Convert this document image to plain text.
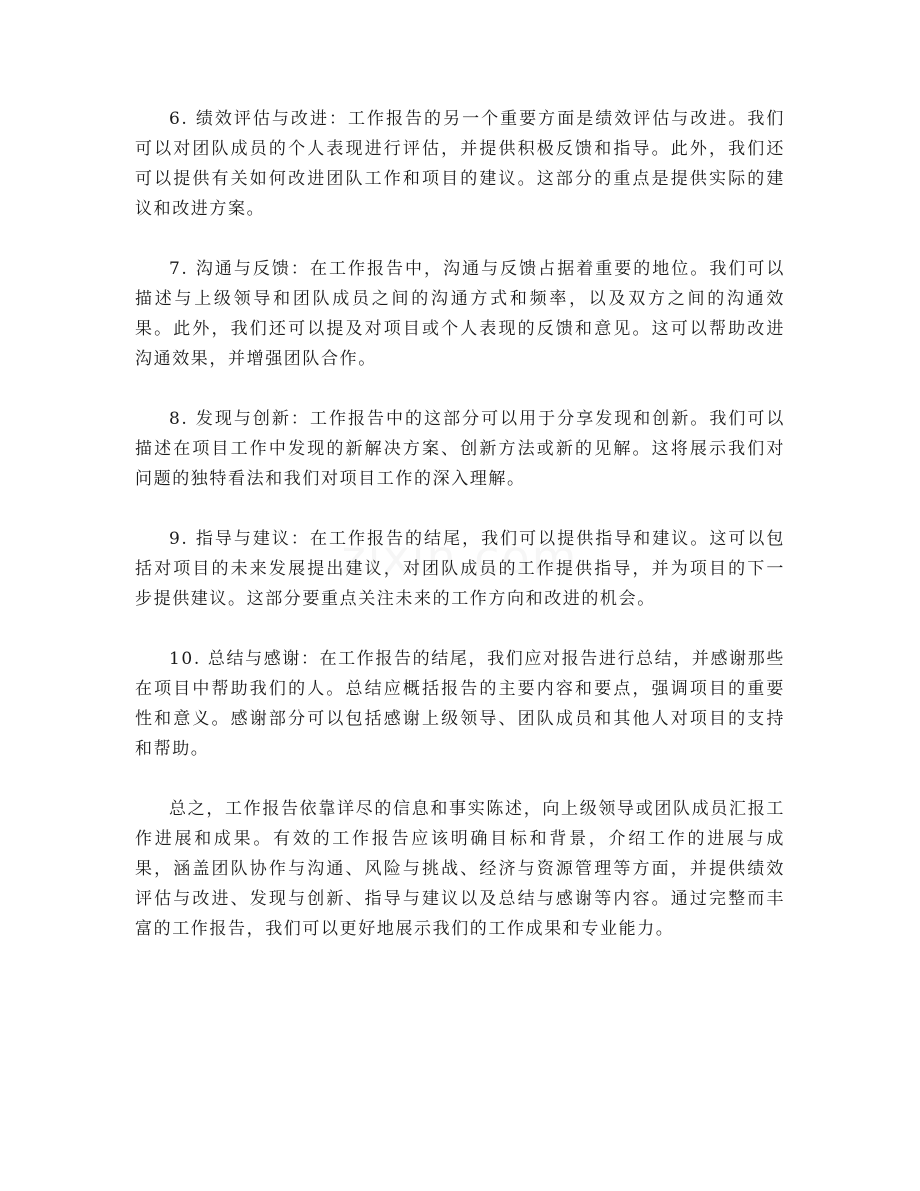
6. 绩效评估与改进：工作报告的另一个重要方面是绩效评估与改进。我们可以对团队成员的个人表现进行评估，并提供积极反馈和指导。此外，我们还可以提供有关如何改进团队工作和项目的建议。这部分的重点是提供实际的建议和改进方案。

7. 沟通与反馈：在工作报告中，沟通与反馈占据着重要的地位。我们可以描述与上级领导和团队成员之间的沟通方式和频率，以及双方之间的沟通效果。此外，我们还可以提及对项目或个人表现的反馈和意见。这可以帮助改进沟通效果，并增强团队合作。

8. 发现与创新：工作报告中的这部分可以用于分享发现和创新。我们可以描述在项目工作中发现的新解决方案、创新方法或新的见解。这将展示我们对问题的独特看法和我们对项目工作的深入理解。

9. 指导与建议：在工作报告的结尾，我们可以提供指导和建议。这可以包括对项目的未来发展提出建议，对团队成员的工作提供指导，并为项目的下一步提供建议。这部分要重点关注未来的工作方向和改进的机会。

10. 总结与感谢：在工作报告的结尾，我们应对报告进行总结，并感谢那些在项目中帮助我们的人。总结应概括报告的主要内容和要点，强调项目的重要性和意义。感谢部分可以包括感谢上级领导、团队成员和其他人对项目的支持和帮助。

总之，工作报告依靠详尽的信息和事实陈述，向上级领导或团队成员汇报工作进展和成果。有效的工作报告应该明确目标和背景，介绍工作的进展与成果，涵盖团队协作与沟通、风险与挑战、经济与资源管理等方面，并提供绩效评估与改进、发现与创新、指导与建议以及总结与感谢等内容。通过完整而丰富的工作报告，我们可以更好地展示我们的工作成果和专业能力。
